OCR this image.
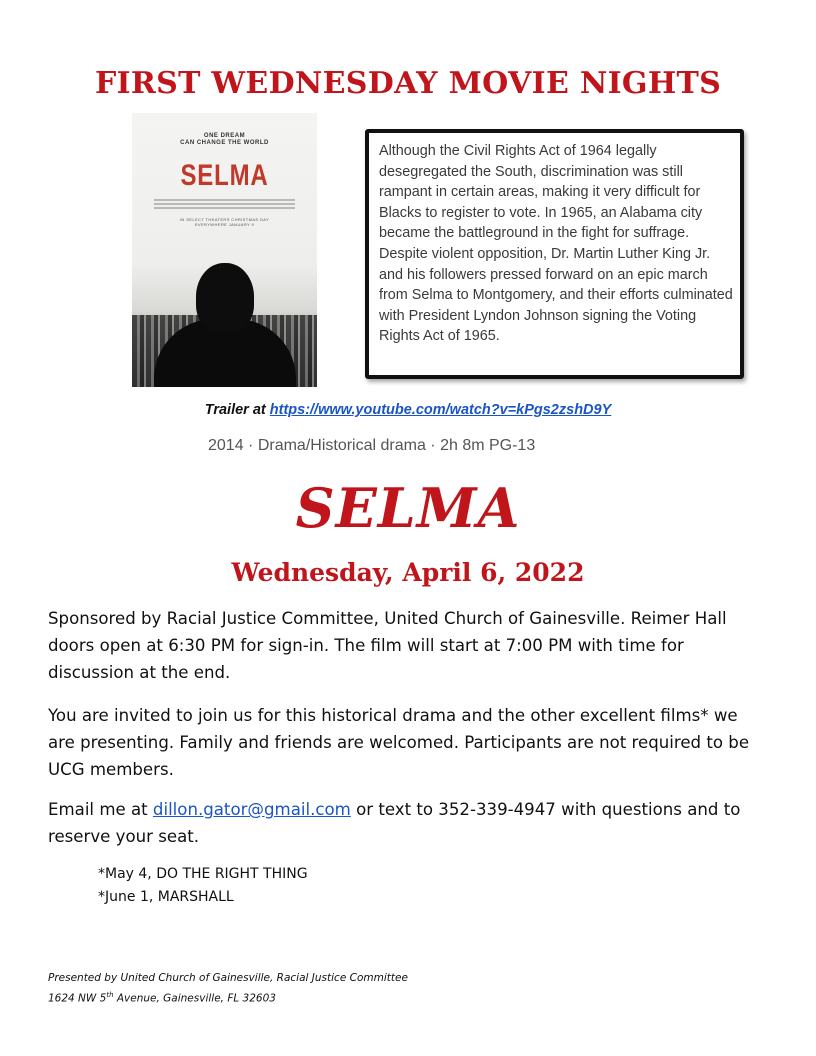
FIRST WEDNESDAY MOVIE NIGHTS
ONE DREAM
CAN CHANGE THE WORLD
SELMA
IN SELECT THEATERS CHRISTMAS DAY
EVERYWHERE JANUARY 9
Although the Civil Rights Act of 1964 legally desegregated the South, discrimination was still rampant in certain areas, making it very difficult for Blacks to register to vote. In 1965, an Alabama city became the battleground in the fight for suffrage. Despite violent opposition, Dr. Martin Luther King Jr. and his followers pressed forward on an epic march from Selma to Montgomery, and their efforts culminated with President Lyndon Johnson signing the Voting Rights Act of 1965.
Trailer at https://www.youtube.com/watch?v=kPgs2zshD9Y
2014 · Drama/Historical drama · 2h 8m PG-13
SELMA
Wednesday, April 6, 2022
Sponsored by Racial Justice Committee, United Church of Gainesville. Reimer Hall doors open at 6:30 PM for sign-in. The film will start at 7:00 PM with time for discussion at the end.
You are invited to join us for this historical drama and the other excellent films* we are presenting. Family and friends are welcomed. Participants are not required to be UCG members.
Email me at dillon.gator@gmail.com or text to 352-339-4947 with questions and to reserve your seat.
*May 4, DO THE RIGHT THING
*June 1, MARSHALL
Presented by United Church of Gainesville, Racial Justice Committee
1624 NW 5th Avenue, Gainesville, FL 32603
